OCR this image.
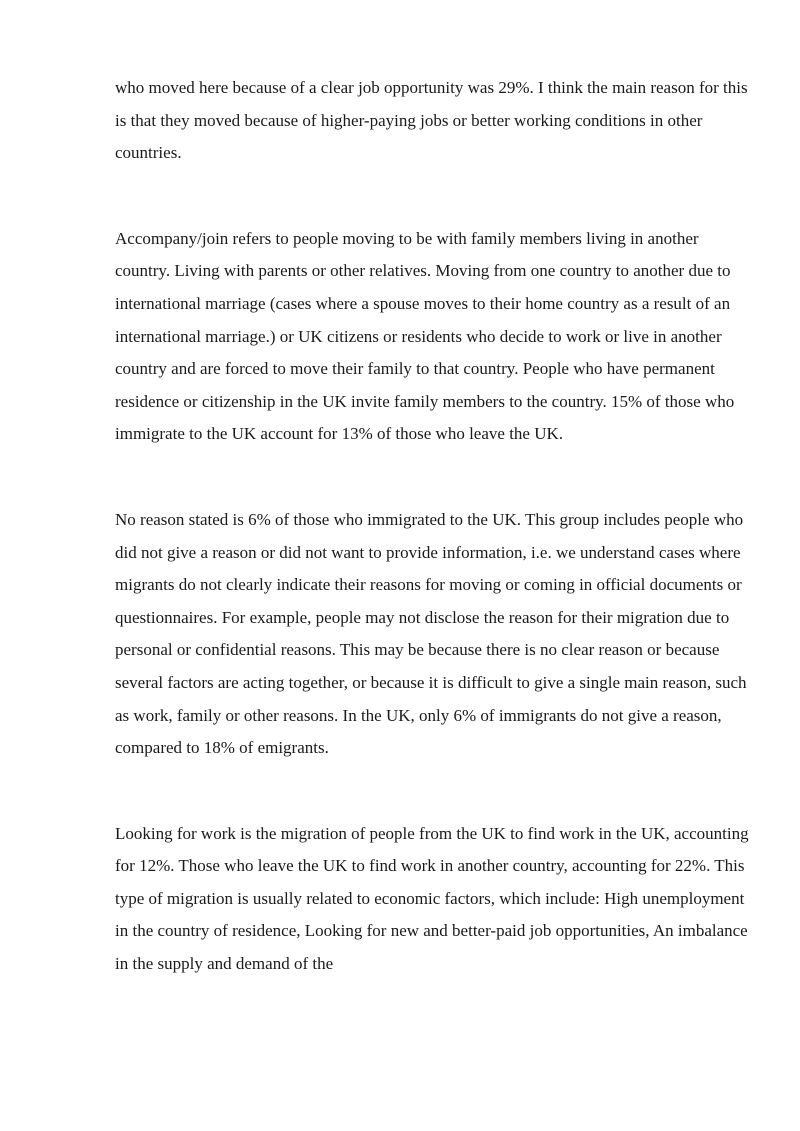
who moved here because of a clear job opportunity was 29%. I think the main reason for this is that they moved because of higher-paying jobs or better working conditions in other countries.

Accompany/join refers to people moving to be with family members living in another country. Living with parents or other relatives. Moving from one country to another due to international marriage (cases where a spouse moves to their home country as a result of an international marriage.) or UK citizens or residents who decide to work or live in another country and are forced to move their family to that country. People who have permanent residence or citizenship in the UK invite family members to the country. 15% of those who immigrate to the UK account for 13% of those who leave the UK.

No reason stated is 6% of those who immigrated to the UK. This group includes people who did not give a reason or did not want to provide information, i.e. we understand cases where migrants do not clearly indicate their reasons for moving or coming in official documents or questionnaires. For example, people may not disclose the reason for their migration due to personal or confidential reasons. This may be because there is no clear reason or because several factors are acting together, or because it is difficult to give a single main reason, such as work, family or other reasons. In the UK, only 6% of immigrants do not give a reason, compared to 18% of emigrants.

Looking for work is the migration of people from the UK to find work in the UK, accounting for 12%. Those who leave the UK to find work in another country, accounting for 22%. This type of migration is usually related to economic factors, which include: High unemployment in the country of residence, Looking for new and better-paid job opportunities, An imbalance in the supply and demand of the
